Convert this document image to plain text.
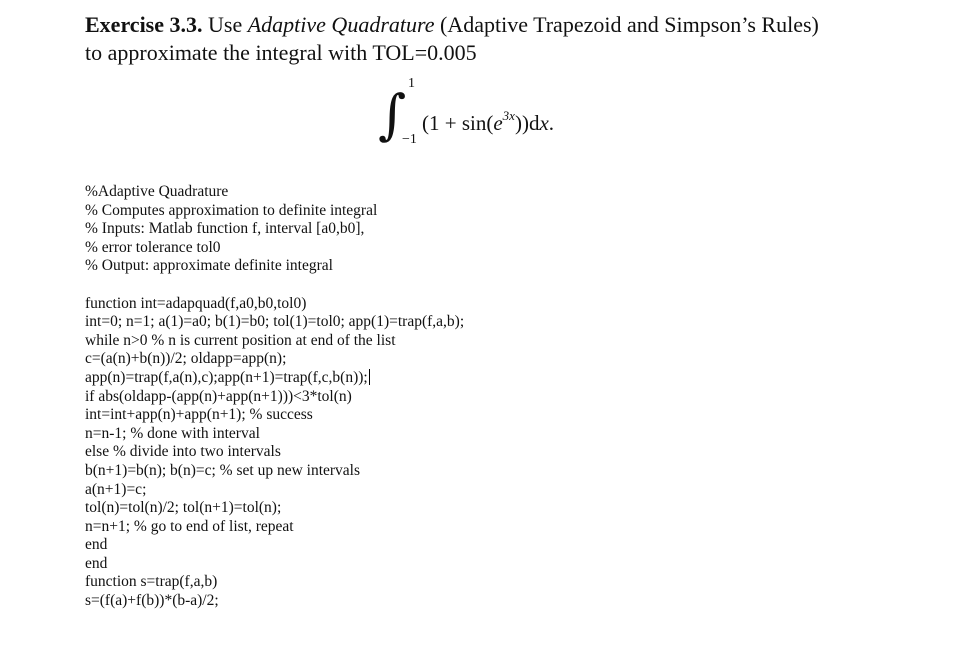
Exercise 3.3. Use Adaptive Quadrature (Adaptive Trapezoid and Simpson’s Rules)
to approximate the integral with TOL=0.005
∫ 1
−1
$(1 + \sin(e^{3x}))dx$.
%Adaptive Quadrature
% Computes approximation to definite integral
% Inputs: Matlab function f, interval [a0,b0],
% error tolerance tol0
% Output: approximate definite integral
function int=adapquad(f,a0,b0,tol0)
int=0; n=1; a(1)=a0; b(1)=b0; tol(1)=tol0; app(1)=trap(f,a,b);
while n>0 % n is current position at end of the list
c=(a(n)+b(n))/2; oldapp=app(n);
app(n)=trap(f,a(n),c);app(n+1)=trap(f,c,b(n));
if abs(oldapp-(app(n)+app(n+1)))<3*tol(n)
int=int+app(n)+app(n+1); % success
n=n-1; % done with interval
else % divide into two intervals
b(n+1)=b(n); b(n)=c; % set up new intervals
a(n+1)=c;
tol(n)=tol(n)/2; tol(n+1)=tol(n);
n=n+1; % go to end of list, repeat
end
end
function s=trap(f,a,b)
s=(f(a)+f(b))*(b-a)/2;
